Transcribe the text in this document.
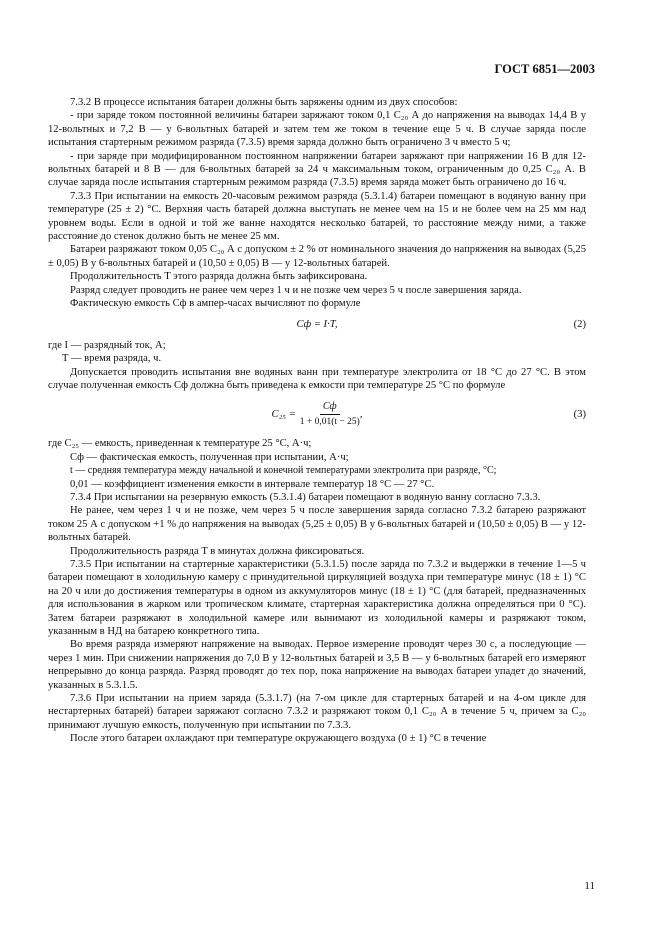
ГОСТ 6851—2003

7.3.2 В процессе испытания батареи должны быть заряжены одним из двух способов:

- при заряде током постоянной величины батареи заряжают током 0,1 C₂₀ А до напряжения на выводах 14,4 В у 12-вольтных и 7,2 В — у 6-вольтных батарей и затем тем же током в течение еще 5 ч. В случае заряда после испытания стартерным режимом разряда (7.3.5) время заряда должно быть ограничено 3 ч вместо 5 ч;

- при заряде при модифицированном постоянном напряжении батареи заряжают при напряжении 16 В для 12-вольтных батарей и 8 В — для 6-вольтных батарей за 24 ч максимальным током, ограниченным до 0,25 C₂₀ А. В случае заряда после испытания стартерным режимом разряда (7.3.5) время заряда может быть ограничено до 16 ч.

7.3.3 При испытании на емкость 20-часовым режимом разряда (5.3.1.4) батареи помещают в водяную ванну при температуре (25 ± 2) °С. Верхняя часть батарей должна выступать не менее чем на 15 и не более чем на 25 мм над уровнем воды. Если в одной и той же ванне находятся несколько батарей, то расстояние между ними, а также расстояние до стенок должно быть не менее 25 мм.

Батареи разряжают током 0,05 C₂₀ А с допуском ± 2 % от номинального значения до напряжения на выводах (5,25 ± 0,05) В у 6-вольтных батарей и (10,50 ± 0,05) В — у 12-вольтных батарей.

Продолжительность T этого разряда должна быть зафиксирована.

Разряд следует проводить не ранее чем через 1 ч и не позже чем через 5 ч после завершения заряда.

Фактическую емкость Cф в ампер-часах вычисляют по формуле

Cф
= I·T,	(2)

где I — разрядный ток, А;

T — время разряда, ч.

Допускается проводить испытания вне водяных ванн при температуре электролита от 18 °С до 27 °С. В этом случае полученная емкость Cф должна быть приведена к емкости при температуре 25 °С по формуле

$C_{25} = \frac{Cф}{1 + 0,01(t - 25)}$ ,	(3)

где C₂₅ — емкость, приведенная к температуре 25 °С, А·ч;

Cф — фактическая емкость, полученная при испытании, А·ч;

t — средняя температура между начальной и конечной температурами электролита при разряде, °С;

0,01 — коэффициент изменения емкости в интервале температур 18 °С — 27 °С.

7.3.4 При испытании на резервную емкость (5.3.1.4) батареи помещают в водяную ванну согласно 7.3.3.

Не ранее, чем через 1 ч и не позже, чем через 5 ч после завершения заряда согласно 7.3.2 батарею разряжают током 25 А с допуском +1 % до напряжения на выводах (5,25 ± 0,05) В у 6-вольтных батарей и (10,50 ± 0,05) В — у 12-вольтных батарей.

Продолжительность разряда T в минутах должна фиксироваться.

7.3.5 При испытании на стартерные характеристики (5.3.1.5) после заряда по 7.3.2 и выдержки в течение 1—5 ч батареи помещают в холодильную камеру с принудительной циркуляцией воздуха при температуре минус (18 ± 1) °С на 20 ч или до достижения температуры в одном из аккумуляторов минус (18 ± 1) °С (для батарей, предназначенных для использования в жарком или тропическом климате, стартерная характеристика должна определяться при 0 °С). Затем батареи разряжают в холодильной камере или вынимают из холодильной камеры и разряжают током, указанным в НД на батарею конкретного типа.

Во время разряда измеряют напряжение на выводах. Первое измерение проводят через 30 с, а последующие — через 1 мин. При снижении напряжения до 7,0 В у 12-вольтных батарей и 3,5 В — у 6-вольтных батарей его измеряют непрерывно до конца разряда. Разряд проводят до тех пор, пока напряжение на выводах батареи упадет до значений, указанных в 5.3.1.5.

7.3.6 При испытании на прием заряда (5.3.1.7) (на 7-ом цикле для стартерных батарей и на 4-ом цикле для нестартерных батарей) батареи заряжают согласно 7.3.2 и разряжают током 0,1 C₂₀ А в течение 5 ч, причем за C₂₀ принимают лучшую емкость, полученную при испытании по 7.3.3.

После этого батареи охлаждают при температуре окружающего воздуха (0 ± 1) °С в течение

11
